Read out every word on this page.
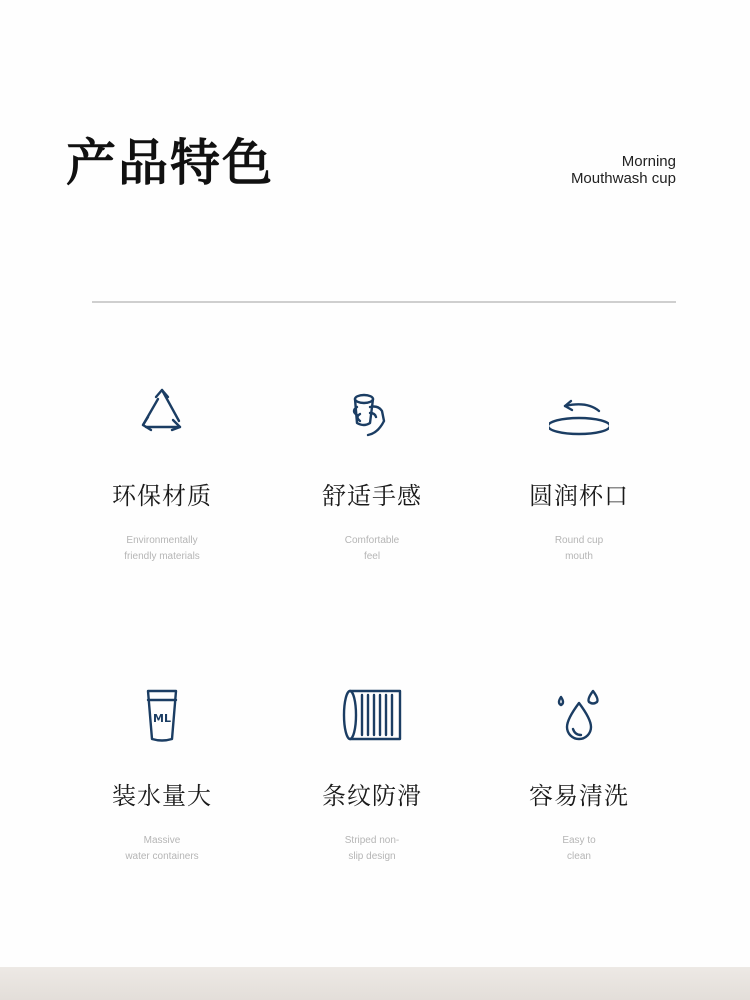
产品特色	Morning
Mouthwash cup
环保材质
Environmentally
friendly materials
舒适手感
Comfortable
feel
圆润杯口
Round cup
mouth
ML
装水量大
Massive
water containers
条纹防滑
Striped non-
slip design
容易清洗
Easy to
clean
